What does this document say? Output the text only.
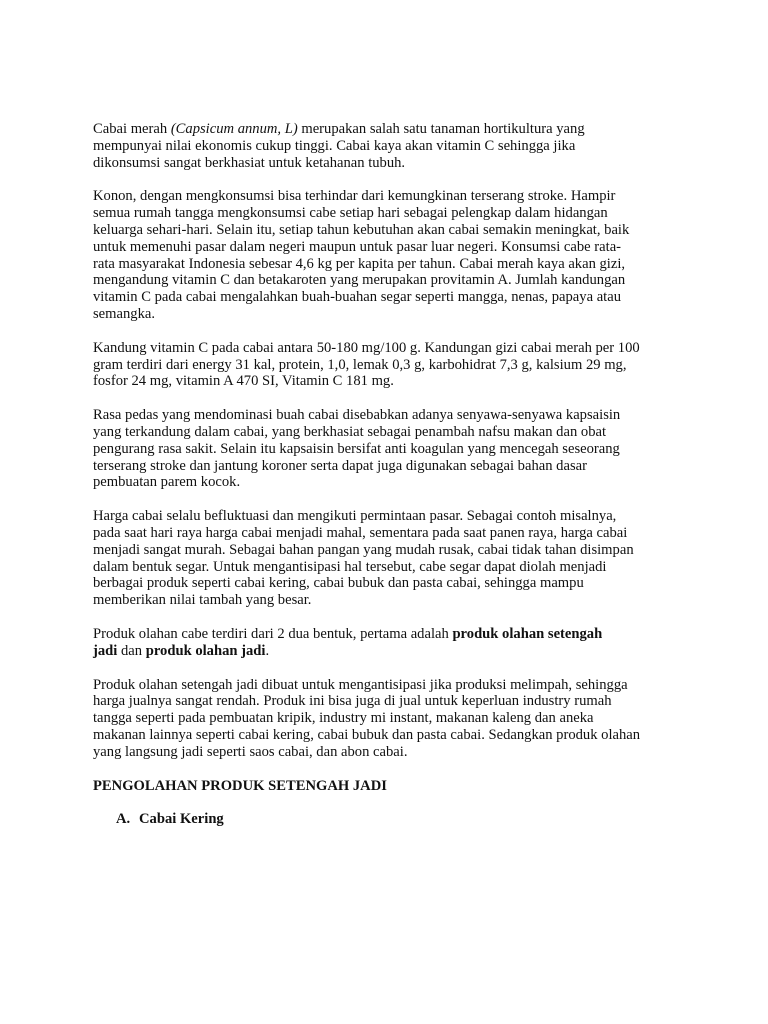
Cabai merah (Capsicum annum, L) merupakan salah satu tanaman hortikultura yang
mempunyai nilai ekonomis cukup tinggi. Cabai kaya akan vitamin C sehingga jika
dikonsumsi sangat berkhasiat untuk ketahanan tubuh.

Konon, dengan mengkonsumsi bisa terhindar dari kemungkinan terserang stroke. Hampir
semua rumah tangga mengkonsumsi cabe setiap hari sebagai pelengkap dalam hidangan
keluarga sehari-hari. Selain itu, setiap tahun kebutuhan akan cabai semakin meningkat, baik
untuk memenuhi pasar dalam negeri maupun untuk pasar luar negeri. Konsumsi cabe rata-
rata masyarakat Indonesia sebesar 4,6 kg per kapita per tahun. Cabai merah kaya akan gizi,
mengandung vitamin C dan betakaroten yang merupakan provitamin A. Jumlah kandungan
vitamin C pada cabai mengalahkan buah-buahan segar seperti mangga, nenas, papaya atau
semangka.

Kandung vitamin C pada cabai antara 50-180 mg/100 g. Kandungan gizi cabai merah per 100
gram terdiri dari energy 31 kal, protein, 1,0, lemak 0,3 g, karbohidrat 7,3 g, kalsium 29 mg,
fosfor 24 mg, vitamin A 470 SI, Vitamin C 181 mg.

Rasa pedas yang mendominasi buah cabai disebabkan adanya senyawa-senyawa kapsaisin
yang terkandung dalam cabai, yang berkhasiat sebagai penambah nafsu makan dan obat
pengurang rasa sakit. Selain itu kapsaisin bersifat anti koagulan yang mencegah seseorang
terserang stroke dan jantung koroner serta dapat juga digunakan sebagai bahan dasar
pembuatan parem kocok.

Harga cabai selalu befluktuasi dan mengikuti permintaan pasar. Sebagai contoh misalnya,
pada saat hari raya harga cabai menjadi mahal, sementara pada saat panen raya, harga cabai
menjadi sangat murah. Sebagai bahan pangan yang mudah rusak, cabai tidak tahan disimpan
dalam bentuk segar. Untuk mengantisipasi hal tersebut, cabe segar dapat diolah menjadi
berbagai produk seperti cabai kering, cabai bubuk dan pasta cabai, sehingga mampu
memberikan nilai tambah yang besar.

Produk olahan cabe terdiri dari 2 dua bentuk, pertama adalah produk olahan setengah
jadi dan produk olahan jadi.

Produk olahan setengah jadi dibuat untuk mengantisipasi jika produksi melimpah, sehingga
harga jualnya sangat rendah. Produk ini bisa juga di jual untuk keperluan industry rumah
tangga seperti pada pembuatan kripik, industry mi instant, makanan kaleng dan aneka
makanan lainnya seperti cabai kering, cabai bubuk dan pasta cabai. Sedangkan produk olahan
yang langsung jadi seperti saos cabai, dan abon cabai.

PENGOLAHAN PRODUK SETENGAH JADI

A. Cabai Kering
